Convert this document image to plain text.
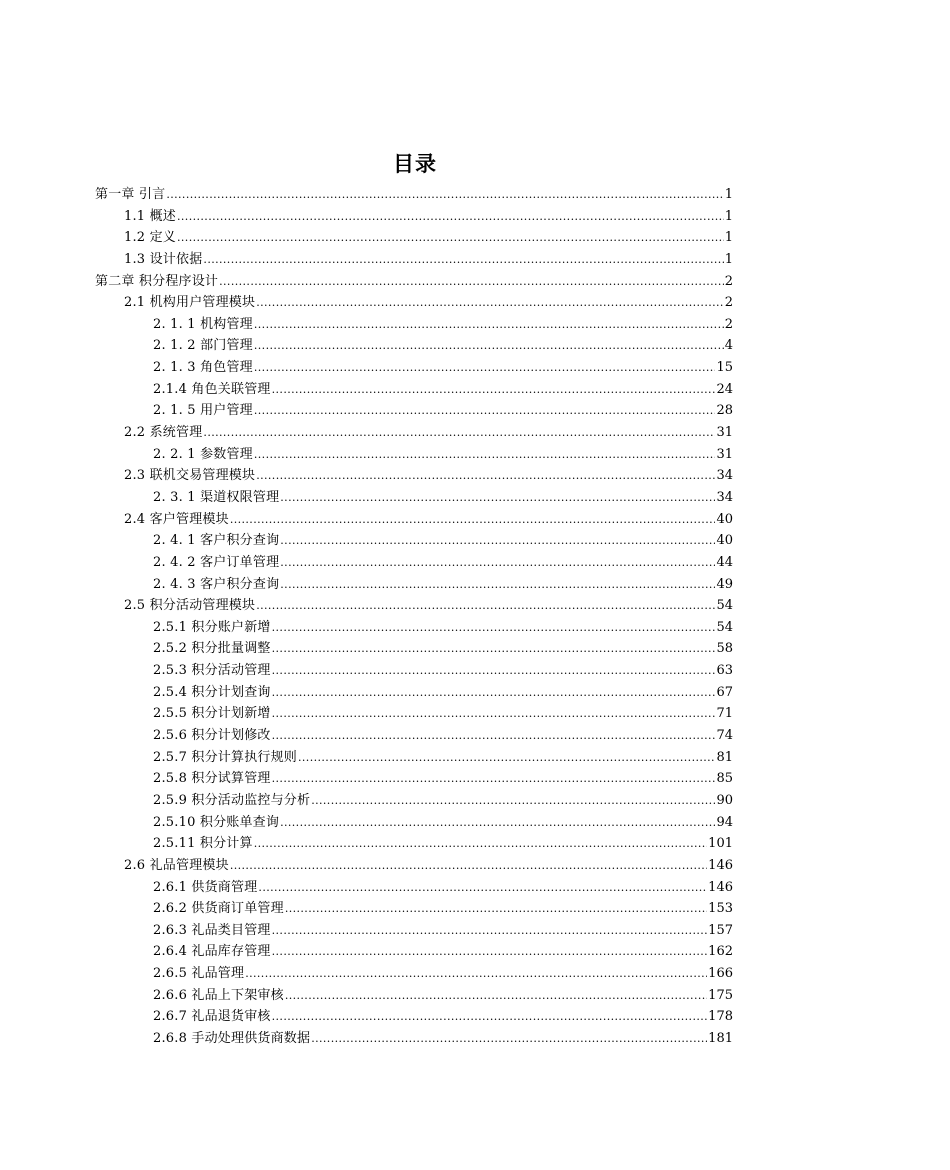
目录
第一章 引言 .....	1
1.1 概述 .....	1
1.2 定义 .....	1
1.3 设计依据 .....	1
第二章 积分程序设计 .....	2
2.1 机构用户管理模块 .....	2
2. 1. 1 机构管理 .....	2
2. 1. 2 部门管理 .....	4
2. 1. 3 角色管理 .....	15
2.1.4 角色关联管理 .....	24
2. 1. 5 用户管理 .....	28
2.2 系统管理 .....	31
2. 2. 1 参数管理 .....	31
2.3 联机交易管理模块 .....	34
2. 3. 1 渠道权限管理 .....	34
2.4 客户管理模块 .....	40
2. 4. 1 客户积分查询 .....	40
2. 4. 2 客户订单管理 .....	44
2. 4. 3 客户积分查询 .....	49
2.5 积分活动管理模块 .....	54
2.5.1 积分账户新增 .....	54
2.5.2 积分批量调整 .....	58
2.5.3 积分活动管理 .....	63
2.5.4 积分计划查询 .....	67
2.5.5 积分计划新增 .....	71
2.5.6 积分计划修改 .....	74
2.5.7 积分计算执行规则 .....	81
2.5.8 积分试算管理 .....	85
2.5.9 积分活动监控与分析 .....	90
2.5.10 积分账单查询 .....	94
2.5.11 积分计算 .....	101
2.6 礼品管理模块 .....	146
2.6.1 供货商管理 .....	146
2.6.2 供货商订单管理 .....	153
2.6.3 礼品类目管理 .....	157
2.6.4 礼品库存管理 .....	162
2.6.5 礼品管理 .....	166
2.6.6 礼品上下架审核 .....	175
2.6.7 礼品退货审核 .....	178
2.6.8 手动处理供货商数据 .....	181
